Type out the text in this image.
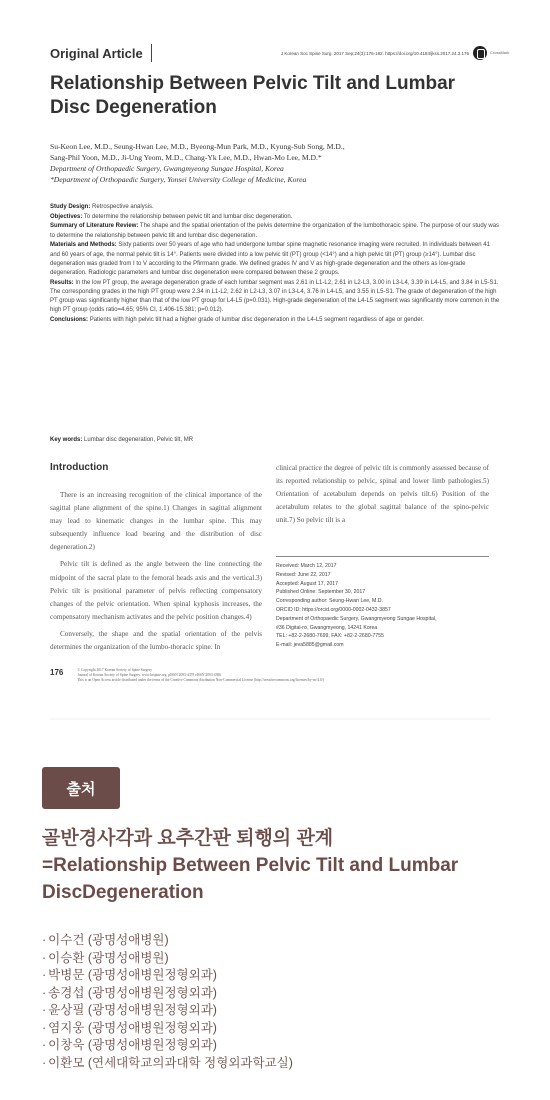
Original Article	J Korean Soc Spine Surg. 2017 Sep;24(3):176-182. https://doi.org/10.4184/jkss.2017.24.3.176	CrossMark
Relationship Between Pelvic Tilt and Lumbar Disc Degeneration
Su-Keon Lee, M.D., Seung-Hwan Lee, M.D., Byeong-Mun Park, M.D., Kyung-Sub Song, M.D.,
Sang-Phil Yoon, M.D., Ji-Ung Yeom, M.D., Chang-Yk Lee, M.D., Hwan-Mo Lee, M.D.*
Department of Orthopaedic Surgery, Gwangmyeong Sungae Hospital, Korea
*Department of Orthopaedic Surgery, Yonsei University College of Medicine, Korea

Study Design: Retrospective analysis.

Objectives: To determine the relationship between pelvic tilt and lumbar disc degeneration.

Summary of Literature Review: The shape and the spatial orientation of the pelvis determine the organization of the lumbothoracic spine. The purpose of our study was to determine the relationship between pelvic tilt and lumbar disc degeneration.

Materials and Methods: Sixty patients over 50 years of age who had undergone lumbar spine magnetic resonance imaging were recruited. In individuals between 41 and 60 years of age, the normal pelvic tilt is 14°. Patients were divided into a low pelvic tilt (PT) group (<14°) and a high pelvic tilt (PT) group (≥14°). Lumbar disc degeneration was graded from I to V according to the Pfirrmann grade. We defined grades IV and V as high-grade degeneration and the others as low-grade degeneration. Radiologic parameters and lumbar disc degeneration were compared between these 2 groups.

Results: In the low PT group, the average degeneration grade of each lumbar segment was 2.61 in L1-L2, 2.61 in L2-L3, 3.00 in L3-L4, 3.39 in L4-L5, and 3.84 in L5-S1. The corresponding grades in the high PT group were 2.34 in L1-L2, 2.62 in L2-L3, 3.07 in L3-L4, 3.76 in L4-L5, and 3.55 in L5-S1. The grade of degeneration of the high PT group was significantly higher than that of the low PT group for L4-L5 (p=0.031). High-grade degeneration of the L4-L5 segment was significantly more common in the high PT group (odds ratio=4.65; 95% CI, 1.406-15.381; p=0.012).

Conclusions: Patients with high pelvic tilt had a higher grade of lumbar disc degeneration in the L4-L5 segment regardless of age or gender.

Key words: Lumbar disc degeneration, Pelvic tilt, MR
Introduction

There is an increasing recognition of the clinical importance of the sagittal plane alignment of the spine.1) Changes in sagittal alignment may lead to kinematic changes in the lumbar spine. This may subsequently influence load bearing and the distribution of disc degeneration.2)

Pelvic tilt is defined as the angle between the line connecting the midpoint of the sacral plate to the femoral heads axis and the vertical.3) Pelvic tilt is positional parameter of pelvis reflecting compensatory changes of the pelvic orientation. When spinal kyphosis increases, the compensatory mechanism activates and the pelvic position changes.4)

Conversely, the shape and the spatial orientation of the pelvis determines the organization of the lumbo-thoracic spine. In

clinical practice the degree of pelvic tilt is commonly assessed because of its reported relationship to pelvic, spinal and lower limb pathologies.5) Orientation of acetabulum depends on pelvis tilt.6) Position of the acetabulum relates to the global sagittal balance of the spino-pelvic unit.7) So pelvic tilt is a

Received: March 12, 2017
Revised: June 22, 2017
Accepted: August 17, 2017
Published Online: September 30, 2017
Corresponding author: Seung-Hwan Lee, M.D.
ORCID ID: https://orcid.org/0000-0002-0432-3857
Department of Orthopaedic Surgery, Gwangmyeong Sungae Hospital,
#36 Digital-ro, Gwangmyeong, 14241 Korea
TEL: +82-2-2680-7699, FAX: +82-2-2680-7755
E-mail: jeva5885@gmail.com
176	© Copyright 2017 Korean Society of Spine Surgery
Journal of Korean Society of Spine Surgery. www.krspine.org. pISSN 2093-4378 eISSN 2093-4386
This is an Open Access article distributed under the terms of the Creative Commons Attribution Non-Commercial License (http://creativecommons.org/licenses/by-nc/4.0/)
출처
골반경사각과 요추간판 퇴행의 관계
=Relationship Between Pelvic Tilt and Lumbar
DiscDegeneration
· 이수건 (광명성애병원)
· 이승환 (광명성애병원)
· 박병문 (광명성애병원정형외과)
· 송경섭 (광명성애병원정형외과)
· 윤상필 (광명성애병원정형외과)
· 염지웅 (광명성애병원정형외과)
· 이창욱 (광명성애병원정형외과)
· 이환모 (연세대학교의과대학 정형외과학교실)
